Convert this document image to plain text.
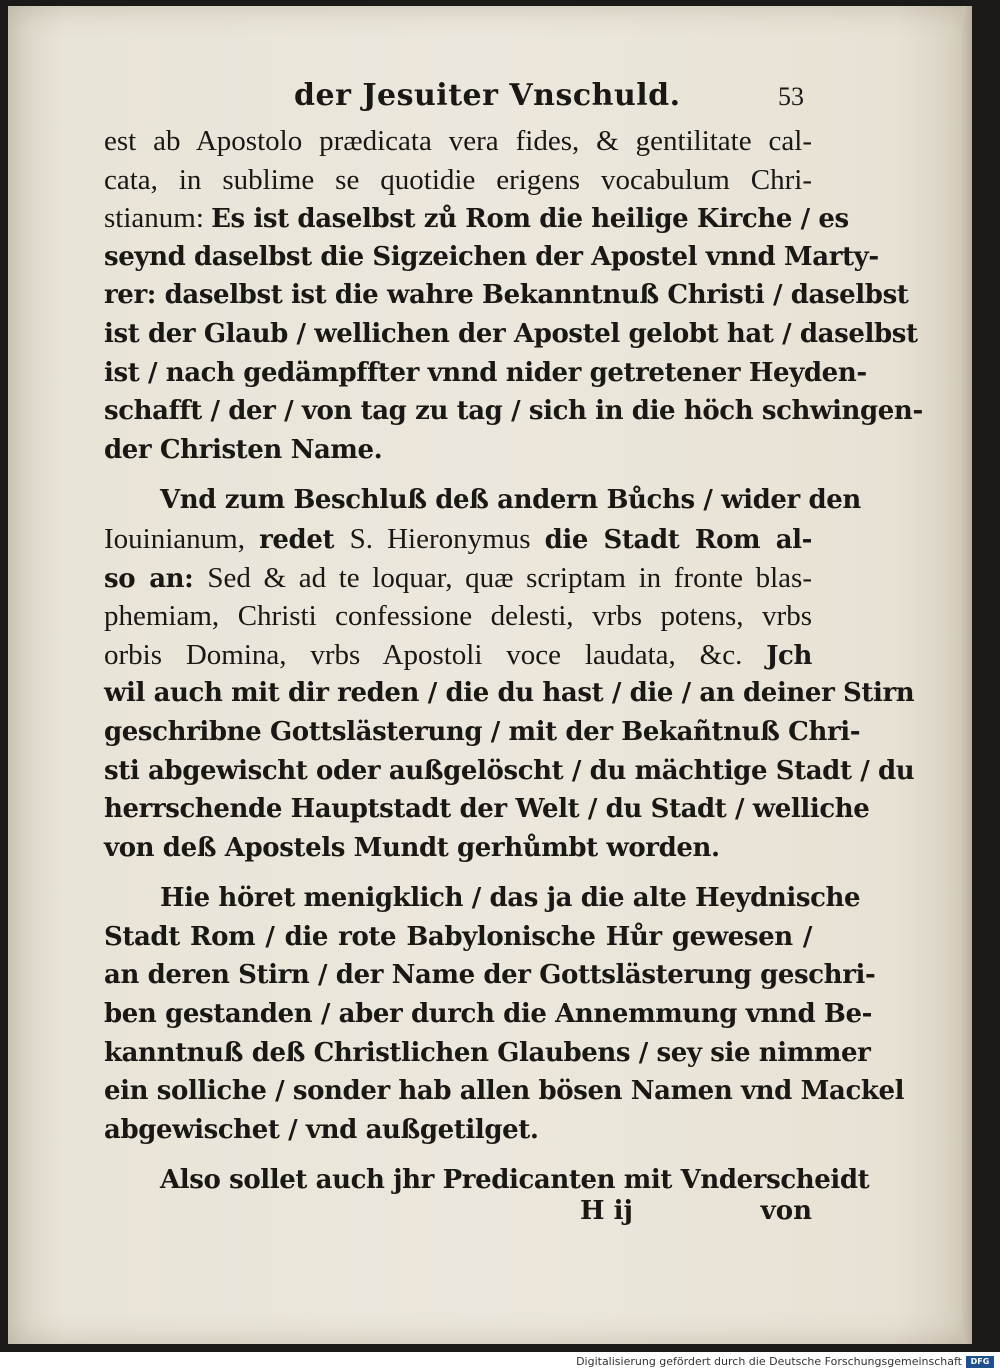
der Jesuiter Vnschuld.	53
est ab Apostolo prædicata vera fides, & gentilitate cal-
cata, in sublime se quotidie erigens vocabulum Chri-
stianum: Es ist daselbst zů Rom die heilige Kirche / es
seynd daselbst die Sigzeichen der Apostel vnnd Marty-
rer: daselbst ist die wahre Bekanntnuß Christi / daselbst
ist der Glaub / wellichen der Apostel gelobt hat / daselbst
ist / nach gedämpffter vnnd nider getretener Heyden-
schafft / der / von tag zu tag / sich in die höch schwingen-
der Christen Name.
Vnd zum Beschluß deß andern Bůchs / wider den
Iouinianum, redet S. Hieronymus die Stadt Rom al-
so an: Sed & ad te loquar, quæ scriptam in fronte blas-
phemiam, Christi confessione delesti, vrbs potens, vrbs
orbis Domina, vrbs Apostoli voce laudata, &c. Jch
wil auch mit dir reden / die du hast / die / an deiner Stirn
geschribne Gottslästerung / mit der Bekañtnuß Chri-
sti abgewischt oder außgelöscht / du mächtige Stadt / du
herrschende Hauptstadt der Welt / du Stadt / welliche
von deß Apostels Mundt gerhůmbt worden.
Hie höret menigklich / das ja die alte Heydnische
Stadt Rom / die rote Babylonische Hůr gewesen /
an deren Stirn / der Name der Gottslästerung geschri-
ben gestanden / aber durch die Annemmung vnnd Be-
kanntnuß deß Christlichen Glaubens / sey sie nimmer
ein solliche / sonder hab allen bösen Namen vnd Mackel
abgewischet / vnd außgetilget.
Also sollet auch jhr Predicanten mit Vnderscheidt
H ij	von
Digitalisierung gefördert durch die Deutsche Forschungsgemeinschaft	DFG
